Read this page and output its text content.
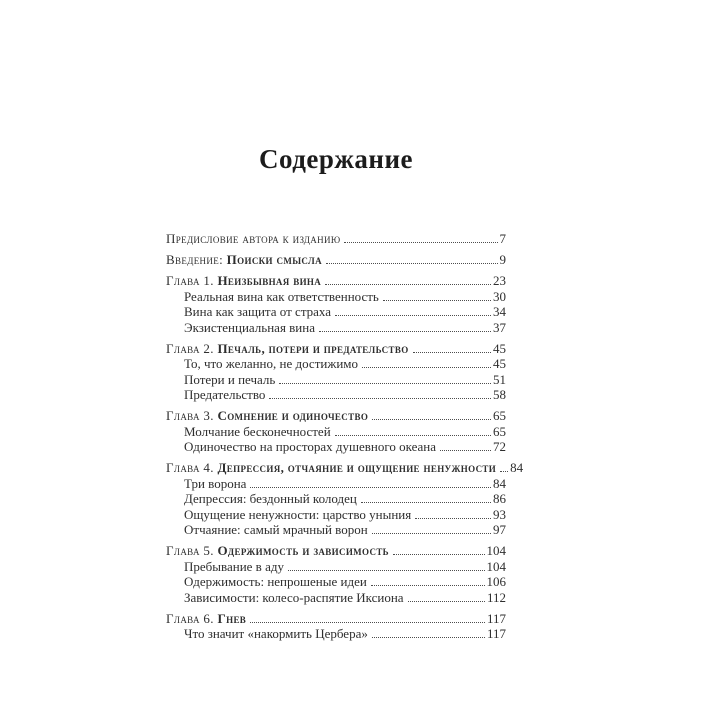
Содержание
Предисловие автора к изданию	7
Введение: Поиски смысла	9
Глава 1. Неизбывная вина	23
Реальная вина как ответственность	30
Вина как защита от страха	34
Экзистенциальная вина	37
Глава 2. Печаль, потери и предательство	45
То, что желанно, не достижимо	45
Потери и печаль	51
Предательство	58
Глава 3. Сомнение и одиночество	65
Молчание бесконечностей	65
Одиночество на просторах душевного океана	72
Глава 4. Депрессия, отчаяние и ощущение ненужности 84
Три ворона	84
Депрессия: бездонный колодец	86
Ощущение ненужности: царство уныния	93
Отчаяние: самый мрачный ворон	97
Глава 5. Одержимость и зависимость	104
Пребывание в аду	104
Одержимость: непрошеные идеи	106
Зависимости: колесо-распятие Иксиона	112
Глава 6. Гнев	117
Что значит «накормить Цербера»	117
